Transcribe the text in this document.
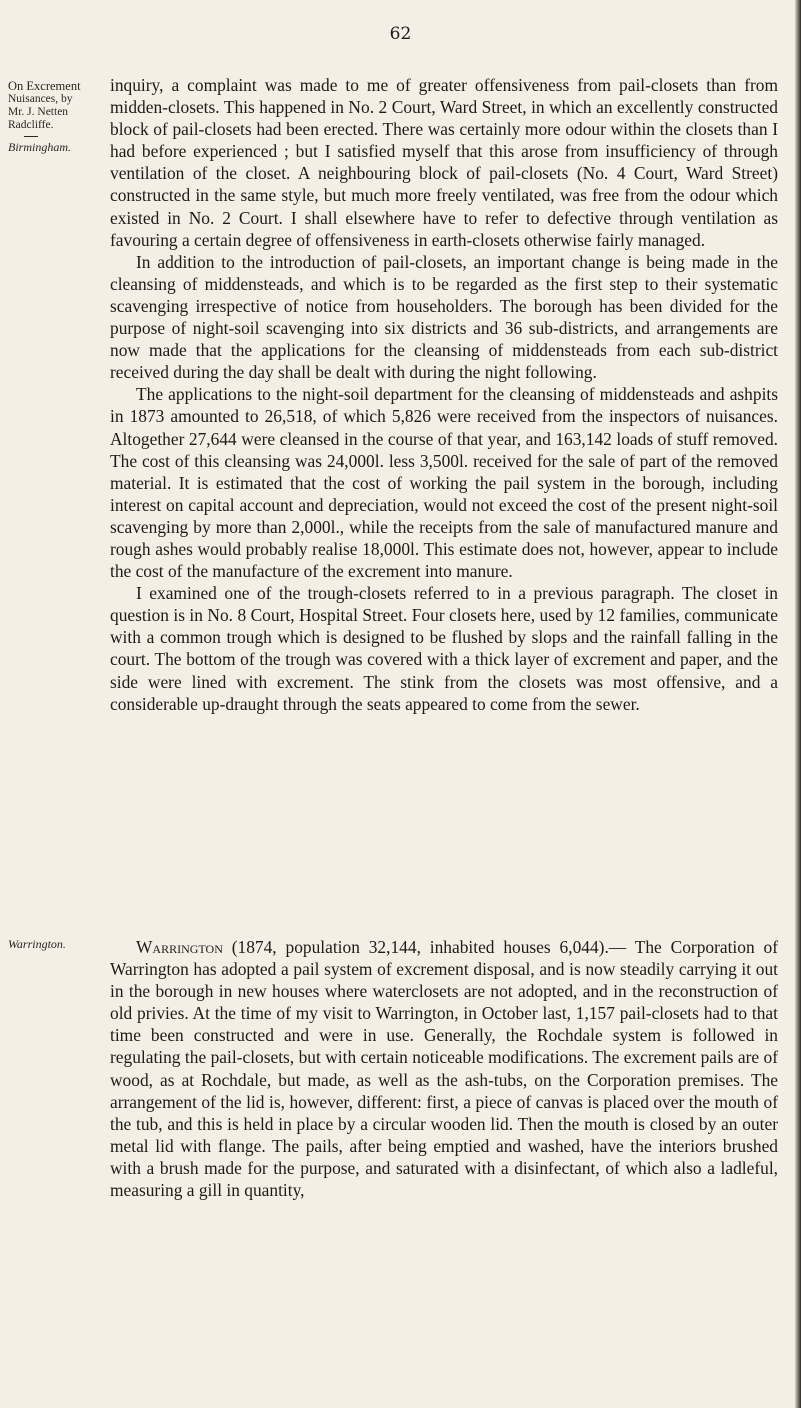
62
On Excrement
Nuisances, by
Mr. J. Netten
Radcliffe.
Birmingham.
Warrington.

inquiry, a complaint was made to me of greater offensiveness from pail-closets than from midden-closets. This happened in No. 2 Court, Ward Street, in which an excellently constructed block of pail-closets had been erected. There was certainly more odour within the closets than I had before experienced ; but I satisfied myself that this arose from insufficiency of through ventilation of the closet. A neighbouring block of pail-closets (No. 4 Court, Ward Street) constructed in the same style, but much more freely ventilated, was free from the odour which existed in No. 2 Court. I shall elsewhere have to refer to defective through ventilation as favouring a certain degree of offensiveness in earth-closets otherwise fairly managed.

In addition to the introduction of pail-closets, an important change is being made in the cleansing of middensteads, and which is to be regarded as the first step to their systematic scavenging irrespective of notice from householders. The borough has been divided for the purpose of night-soil scavenging into six districts and 36 sub-districts, and arrangements are now made that the applications for the cleansing of middensteads from each sub-district received during the day shall be dealt with during the night following.

The applications to the night-soil department for the cleansing of middensteads and ashpits in 1873 amounted to 26,518, of which 5,826 were received from the inspectors of nuisances. Altogether 27,644 were cleansed in the course of that year, and 163,142 loads of stuff removed. The cost of this cleansing was 24,000l. less 3,500l. received for the sale of part of the removed material. It is estimated that the cost of working the pail system in the borough, including interest on capital account and depreciation, would not exceed the cost of the present night-soil scavenging by more than 2,000l., while the receipts from the sale of manufactured manure and rough ashes would probably realise 18,000l. This estimate does not, however, appear to include the cost of the manufacture of the excrement into manure.

I examined one of the trough-closets referred to in a previous paragraph. The closet in question is in No. 8 Court, Hospital Street. Four closets here, used by 12 families, communicate with a common trough which is designed to be flushed by slops and the rainfall falling in the court. The bottom of the trough was covered with a thick layer of excrement and paper, and the side were lined with excrement. The stink from the closets was most offensive, and a considerable up-draught through the seats appeared to come from the sewer.

Warrington (1874, population 32,144, inhabited houses 6,044).— The Corporation of Warrington has adopted a pail system of excrement disposal, and is now steadily carrying it out in the borough in new houses where waterclosets are not adopted, and in the reconstruction of old privies. At the time of my visit to Warrington, in October last, 1,157 pail-closets had to that time been constructed and were in use. Generally, the Rochdale system is followed in regulating the pail-closets, but with certain noticeable modifications. The excrement pails are of wood, as at Rochdale, but made, as well as the ash-tubs, on the Corporation premises. The arrangement of the lid is, however, different: first, a piece of canvas is placed over the mouth of the tub, and this is held in place by a circular wooden lid. Then the mouth is closed by an outer metal lid with flange. The pails, after being emptied and washed, have the interiors brushed with a brush made for the purpose, and saturated with a disinfectant, of which also a ladleful, measuring a gill in quantity,
